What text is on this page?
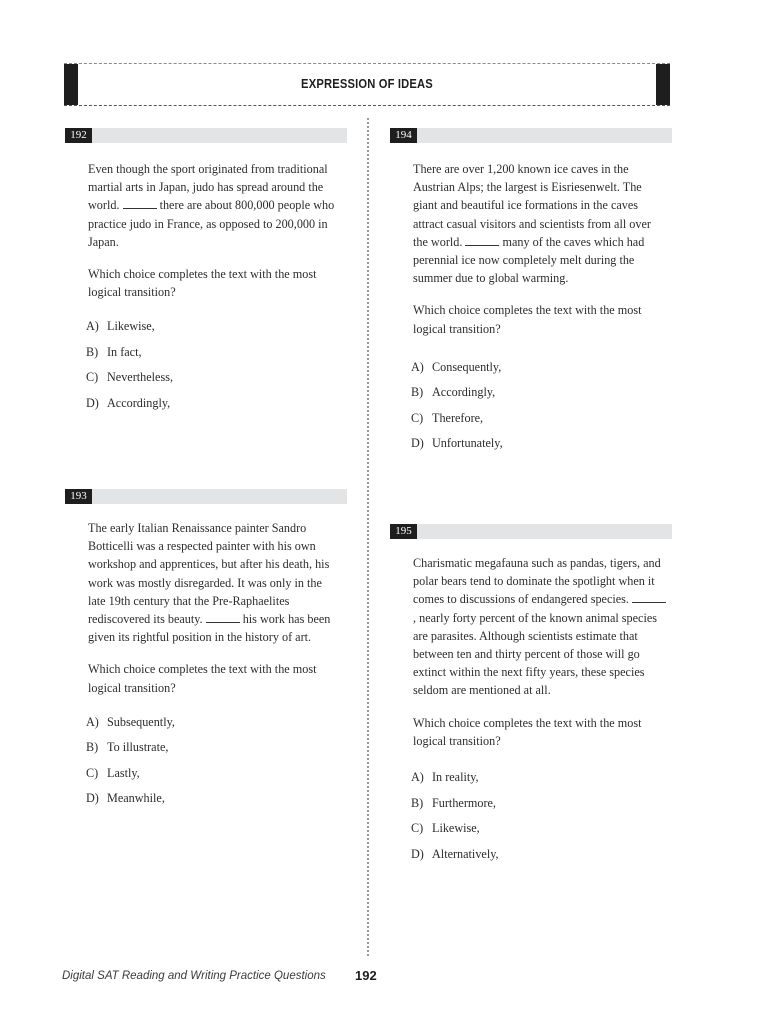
EXPRESSION OF IDEAS
192

Even though the sport originated from traditional martial arts in Japan, judo has spread around the world.	there are about 800,000 people who practice judo in France, as opposed to 200,000 in Japan.

Which choice completes the text with the most logical transition?

A) Likewise,
B) In fact,
C) Nevertheless,
D) Accordingly,
193

The early Italian Renaissance painter Sandro Botticelli was a respected painter with his own workshop and apprentices, but after his death, his work was mostly disregarded. It was only in the late 19th century that the Pre-Raphaelites rediscovered its beauty.	his work has been given its rightful position in the history of art.

Which choice completes the text with the most logical transition?

A) Subsequently,
B) To illustrate,
C) Lastly,
D) Meanwhile,
194

There are over 1,200 known ice caves in the Austrian Alps; the largest is Eisriesenwelt. The giant and beautiful ice formations in the caves attract casual visitors and scientists from all over the world.	many of the caves which had perennial ice now completely melt during the summer due to global warming.

Which choice completes the text with the most logical transition?

A) Consequently,
B) Accordingly,
C) Therefore,
D) Unfortunately,
195

Charismatic megafauna such as pandas, tigers, and polar bears tend to dominate the spotlight when it comes to discussions of endangered species. , nearly forty percent of the known animal species are parasites. Although scientists estimate that between ten and thirty percent of those will go extinct within the next fifty years, these species seldom are mentioned at all.

Which choice completes the text with the most logical transition?

A) In reality,
B) Furthermore,
C) Likewise,
D) Alternatively,
Digital SAT Reading and Writing Practice Questions 192
